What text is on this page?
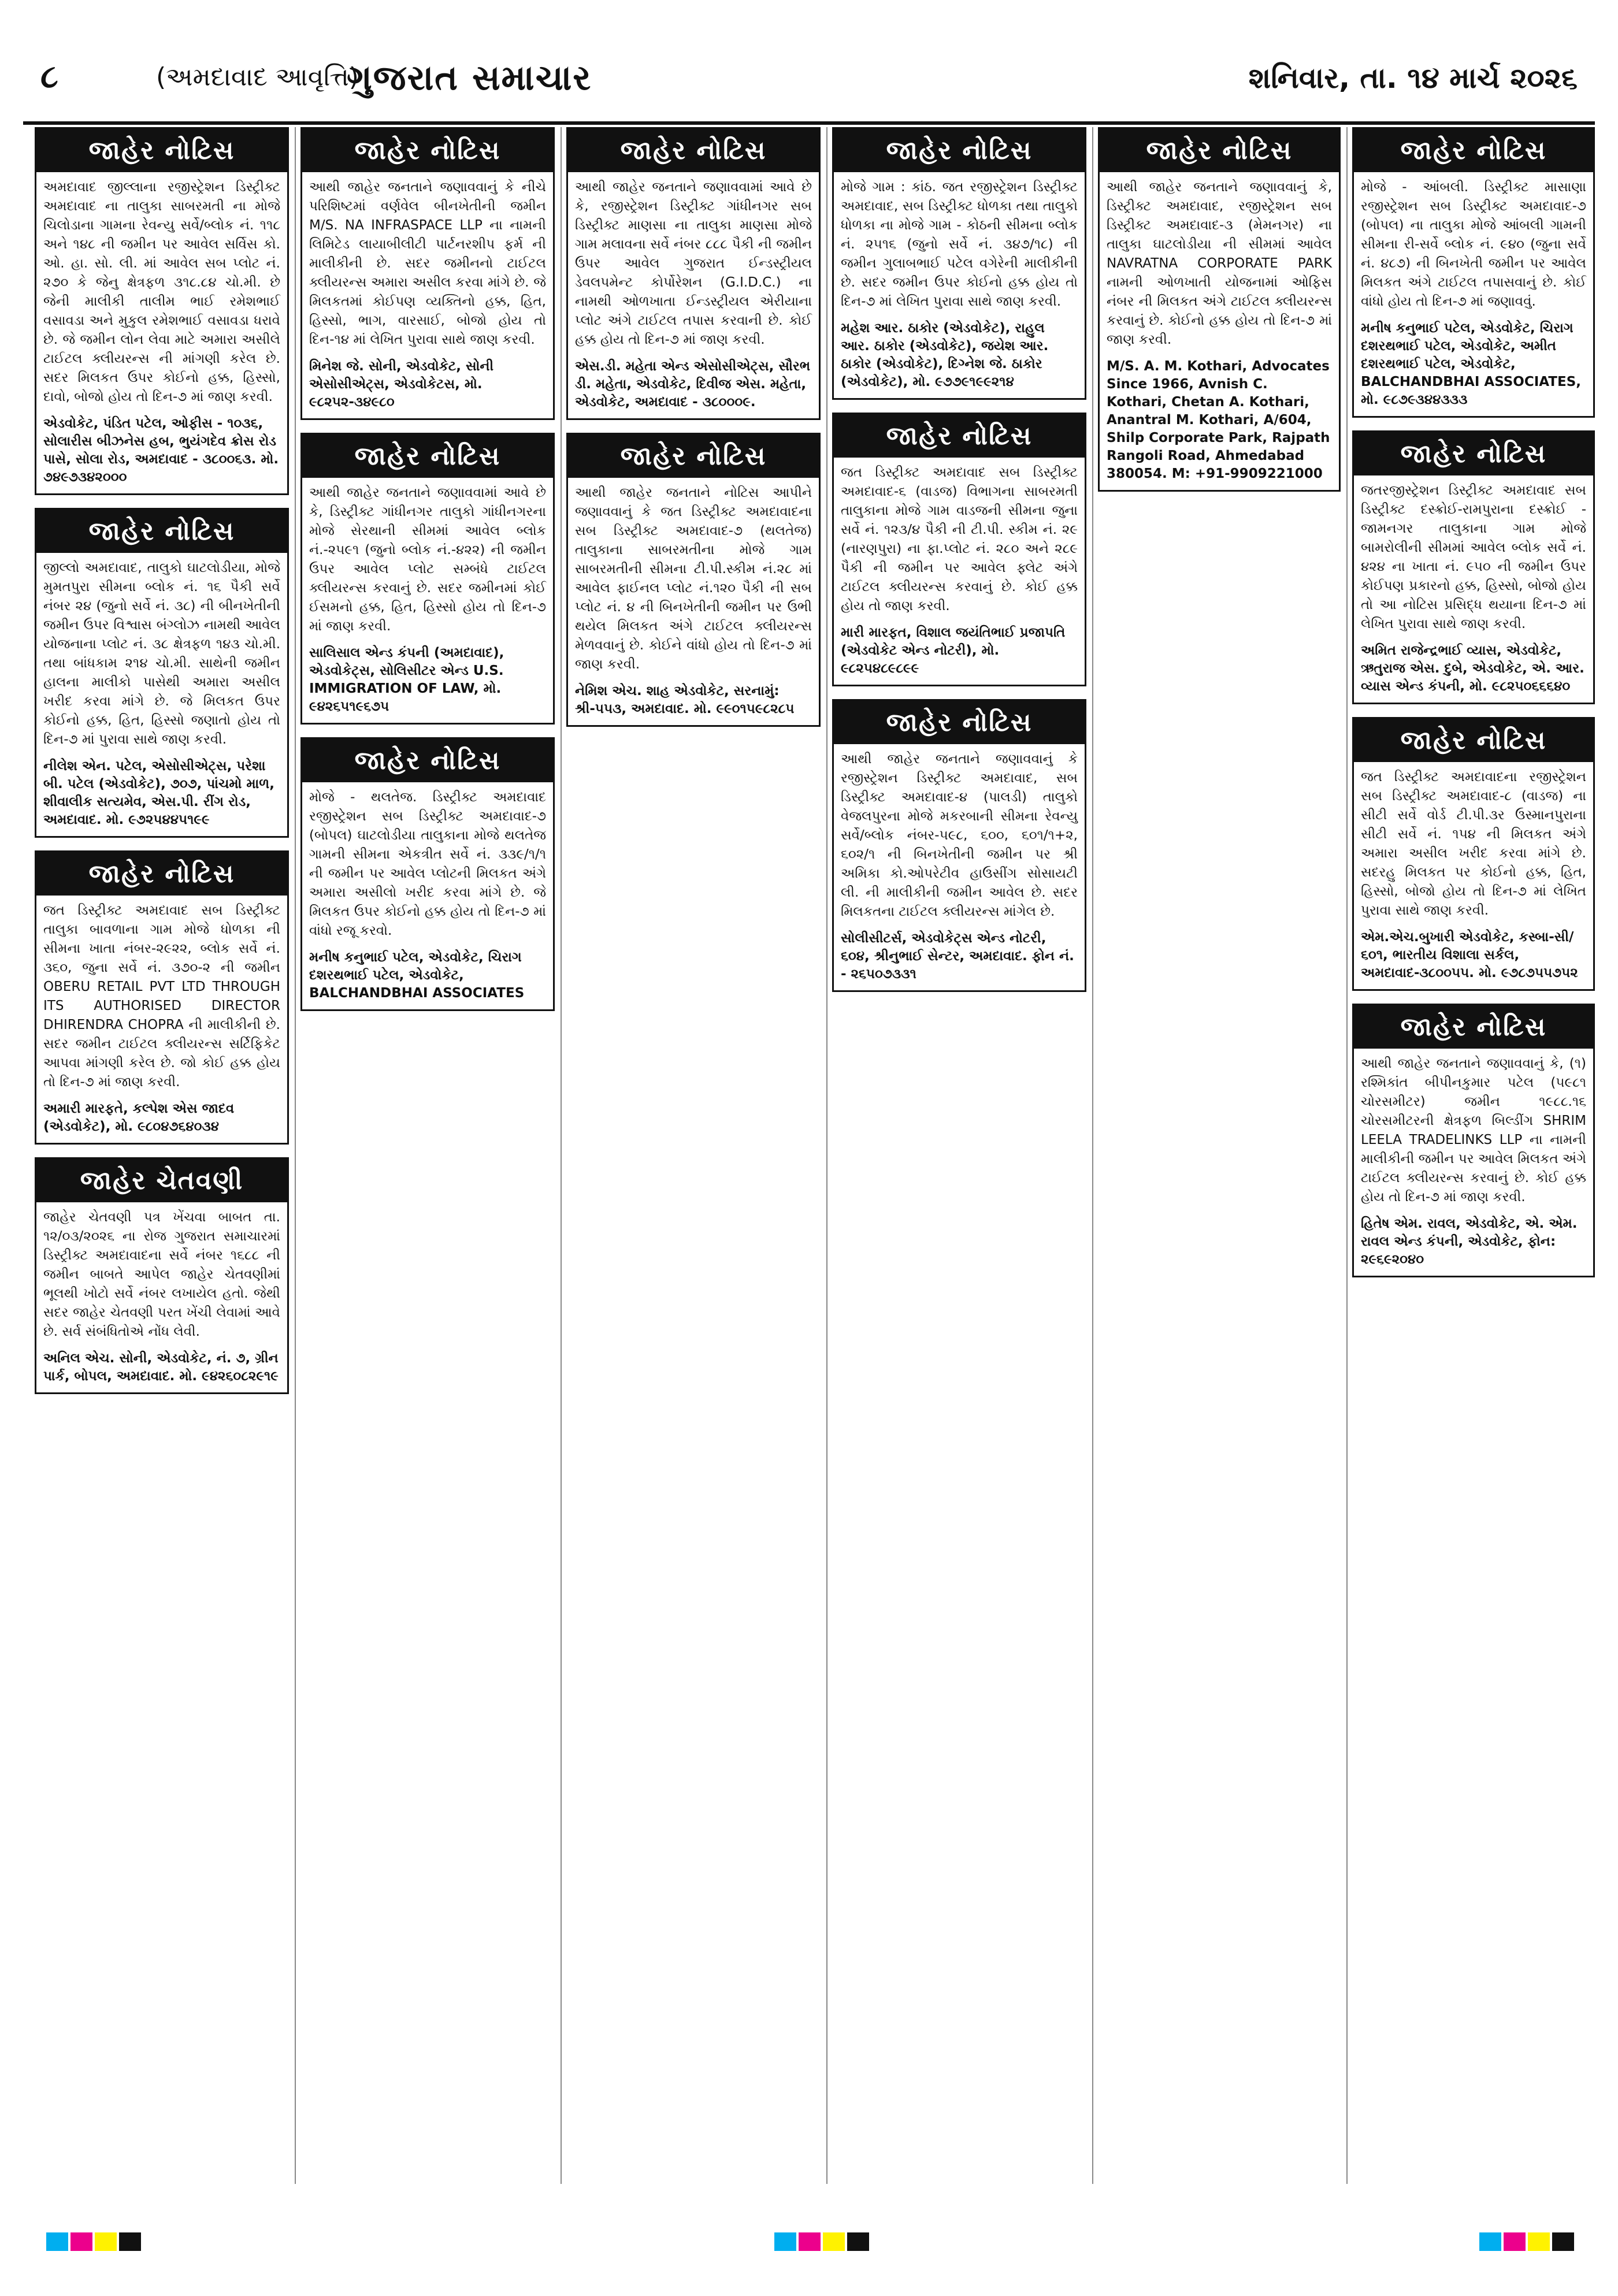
૮	(અમદાવાદ આવૃત્તિ)
ગુજરાત સમાચાર	શનિવાર, તા. ૧૪ માર્ચ ૨૦૨૬
જાહેર નોટિસ
અમદાવાદ જીલ્લાના રજીસ્ટ્રેશન ડિસ્ટ્રીક્ટ અમદાવાદ ના તાલુકા સાબરમતી ના મોજે ચિલોડાના ગામના રેવન્યુ સર્વે/બ્લોક નં. ૧૧૮ અને ૧૪૮ ની જમીન પર આવેલ સર્વિસ કો. ઓ. હા. સો. લી. માં આવેલ સબ પ્લોટ નં. ૨૭૦ કે જેનુ ક્ષેત્રફળ ૩૧૮.૮૪ ચો.મી. છે જેની માલીકી તાલીમ ભાઈ રમેશભાઈ વસાવડા અને મુકુલ રમેશભાઈ વસાવડા ધરાવે છે. જે જમીન લોન લેવા માટે અમારા અસીલે ટાઈટલ ક્લીયરન્સ ની માંગણી કરેલ છે. સદર મિલકત ઉપર કોઈનો હક્ક, હિસ્સો, દાવો, બોજો હોય તો દિન-૭ માં જાણ કરવી.
એડવોકેટ, પંડિત પટેલ, ઓફીસ - ૧૦૩૬, સોલારીસ બીઝનેસ હબ, ભુયંગદેવ ક્રોસ રોડ પાસે, સોલા રોડ, અમદાવાદ - ૩૮૦૦૬૩. મો. ૭૪૯૭૩૪૨૦૦૦
જાહેર નોટિસ
જીલ્લો અમદાવાદ, તાલુકો ઘાટલોડીયા, મોજે મુમતપુરા સીમના બ્લોક નં. ૧૬ પૈકી સર્વે નંબર ૨૪ (જુનો સર્વે નં. ૩૮) ની બીનખેતીની જમીન ઉપર વિશ્વાસ બંગ્લોઝ નામથી આવેલ યોજનાના પ્લોટ નં. ૩૮ ક્ષેત્રફળ ૧૪૩ ચો.મી. તથા બાંધકામ ૨૧૪ ચો.મી. સાથેની જમીન હાલના માલીકો પાસેથી અમારા અસીલ ખરીદ કરવા માંગે છે. જે મિલકત ઉપર કોઈનો હક્ક, હિત, હિસ્સો જણાતો હોય તો દિન-૭ માં પુરાવા સાથે જાણ કરવી.
નીલેશ એન. પટેલ, એસોસીએટ્સ, પરેશા બી. પટેલ (એડવોકેટ), ૭૦૭, પાંચમો માળ, શીવાલીક સત્યમેવ, એસ.પી. રીંગ રોડ, અમદાવાદ. મો. ૯૭૨૫૪૪૫૧૯૯
જાહેર નોટિસ
જત ડિસ્ટ્રીક્ટ અમદાવાદ સબ ડિસ્ટ્રીક્ટ તાલુકા બાવળાના ગામ મોજે ધોળકા ની સીમના ખાતા નંબર-૨૯૨૨, બ્લોક સર્વે નં. ૩૬૦, જુના સર્વે નં. ૩૭૦-૨ ની જમીન OBERU RETAIL PVT LTD THROUGH ITS AUTHORISED DIRECTOR DHIRENDRA CHOPRA ની માલીકીની છે. સદર જમીન ટાઈટલ ક્લીયરન્સ સર્ટિફિકેટ આપવા માંગણી કરેલ છે. જો કોઈ હક્ક હોય તો દિન-૭ માં જાણ કરવી.
અમારી મારફતે, કલ્પેશ એસ જાદવ (એડવોકેટ), મો. ૯૮૦૪૭૬૪૦૩૪
જાહેર ચેતવણી
જાહેર ચેતવણી પત્ર ખેંચવા બાબત તા. ૧૨/૦૩/૨૦૨૬ ના રોજ ગુજરાત સમાચારમાં ડિસ્ટ્રીક્ટ અમદાવાદના સર્વે નંબર ૧૬૮૮ ની જમીન બાબતે આપેલ જાહેર ચેતવણીમાં ભૂલથી ખોટો સર્વે નંબર લખાયેલ હતો. જેથી સદર જાહેર ચેતવણી પરત ખેંચી લેવામાં આવે છે. સર્વ સંબંધિતોએ નોંધ લેવી.
અનિલ એચ. સોની, એડવોકેટ, નં. ૭, ગ્રીન પાર્ક, બોપલ, અમદાવાદ. મો. ૯૪૨૬૦૮૨૯૧૯
જાહેર નોટિસ
આથી જાહેર જનતાને જણાવવાનું કે નીચે પરિશિષ્ટમાં વર્ણવેલ બીનખેતીની જમીન M/S. NA INFRASPACE LLP ના નામની લિમિટેડ લાયાબીલીટી પાર્ટનરશીપ ફર્મ ની માલીકીની છે. સદર જમીનનો ટાઈટલ ક્લીયરન્સ અમારા અસીલ કરવા માંગે છે. જે મિલકતમાં કોઈપણ વ્યક્તિનો હક્ક, હિત, હિસ્સો, ભાગ, વારસાઈ, બોજો હોય તો દિન-૧૪ માં લેખિત પુરાવા સાથે જાણ કરવી.
મિનેશ જે. સોની, એડવોકેટ, સોની એસોસીએટ્સ, એડવોકેટસ, મો. ૯૮૨૫૨-૩૪૯૮૦
જાહેર નોટિસ
આથી જાહેર જનતાને જણાવવામાં આવે છે કે, ડિસ્ટ્રીક્ટ ગાંધીનગર તાલુકો ગાંધીનગરના મોજે સેરથાની સીમમાં આવેલ બ્લોક નં.-૨૫૯૧ (જુનો બ્લોક નં.-૪૨૨) ની જમીન ઉપર આવેલ પ્લોટ સમ્બંધે ટાઈટલ ક્લીયરન્સ કરવાનું છે. સદર જમીનમાં કોઈ ઈસમનો હક્ક, હિત, હિસ્સો હોય તો દિન-૭ માં જાણ કરવી.
સાલિસાલ એન્ડ કંપની (અમદાવાદ), એડવોકેટ્સ, સોલિસીટર એન્ડ U.S. IMMIGRATION OF LAW, મો. ૯૪૨૬૫૧૯૬૭૫
જાહેર નોટિસ
મોજે - થલતેજ. ડિસ્ટ્રીક્ટ અમદાવાદ રજીસ્ટ્રેશન સબ ડિસ્ટ્રીક્ટ અમદાવાદ-૭ (બોપલ) ઘાટલોડીયા તાલુકાના મોજે થલતેજ ગામની સીમના એકત્રીત સર્વે નં. ૩૩૯/૧/૧ ની જમીન પર આવેલ પ્લોટની મિલકત અંગે અમારા અસીલો ખરીદ કરવા માંગે છે. જે મિલકત ઉપર કોઈનો હક્ક હોય તો દિન-૭ માં વાંધો રજૂ કરવો.
મનીષ કનુભાઈ પટેલ, એડવોકેટ, ચિરાગ દશરથભાઈ પટેલ, એડવોકેટ, BALCHANDBHAI ASSOCIATES
જાહેર નોટિસ
આથી જાહેર જનતાને જણાવવામાં આવે છે કે, રજીસ્ટ્રેશન ડિસ્ટ્રીક્ટ ગાંધીનગર સબ ડિસ્ટ્રીક્ટ માણસા ના તાલુકા માણસા મોજે ગામ મલાવના સર્વે નંબર ૮૮૮ પૈકી ની જમીન ઉપર આવેલ ગુજરાત ઈન્ડસ્ટ્રીયલ ડેવલપમેન્ટ કોર્પોરેશન (G.I.D.C.) ના નામથી ઓળખાતા ઈન્ડસ્ટ્રીયલ એરીયાના પ્લોટ અંગે ટાઈટલ તપાસ કરવાની છે. કોઈ હક્ક હોય તો દિન-૭ માં જાણ કરવી.
એસ.ડી. મહેતા એન્ડ એસોસીએટ્સ, સૌરભ ડી. મહેતા, એડવોકેટ, દિવીજ એસ. મહેતા, એડવોકેટ, અમદાવાદ - ૩૮૦૦૦૯.
જાહેર નોટિસ
આથી જાહેર જનતાને નોટિસ આપીને જણાવવાનું કે જત ડિસ્ટ્રીક્ટ અમદાવાદના સબ ડિસ્ટ્રીક્ટ અમદાવાદ-૭ (થલતેજ) તાલુકાના સાબરમતીના મોજે ગામ સાબરમતીની સીમના ટી.પી.સ્કીમ નં.૨૮ માં આવેલ ફાઈનલ પ્લોટ નં.૧૨૦ પૈકી ની સબ પ્લોટ નં. ૪ ની બિનખેતીની જમીન પર ઉભી થયેલ મિલકત અંગે ટાઈટલ ક્લીયરન્સ મેળવવાનું છે. કોઈને વાંધો હોય તો દિન-૭ માં જાણ કરવી.
નેમિશ એચ. શાહ એડવોકેટ, સરનામું: શ્રી-૫૫૩, અમદાવાદ. મો. ૯૯૦૧૫૯૮૨૮૫
જાહેર નોટિસ
મોજે ગામ : કાંઠ. જત રજીસ્ટ્રેશન ડિસ્ટ્રીક્ટ અમદાવાદ, સબ ડિસ્ટ્રીક્ટ ધોળકા તથા તાલુકો ધોળકા ના મોજે ગામ - કોઠની સીમના બ્લોક નં. ૨૫૧૬ (જુનો સર્વે નં. ૩૪૭/૧૮) ની જમીન ગુલાબભાઈ પટેલ વગેરેની માલીકીની છે. સદર જમીન ઉપર કોઈનો હક્ક હોય તો દિન-૭ માં લેખિત પુરાવા સાથે જાણ કરવી.
મહેશ આર. ઠાકોર (એડવોકેટ), રાહુલ આર. ઠાકોર (એડવોકેટ), જયેશ આર. ઠાકોર (એડવોકેટ), દિગ્નેશ જે. ઠાકોર (એડવોકેટ), મો. ૯૭૭૯૧૯૯૨૧૪
જાહેર નોટિસ
જત ડિસ્ટ્રીક્ટ અમદાવાદ સબ ડિસ્ટ્રીક્ટ અમદાવાદ-૬ (વાડજ) વિભાગના સાબરમતી તાલુકાના મોજે ગામ વાડજની સીમના જુના સર્વે નં. ૧૨૩/૪ પૈકી ની ટી.પી. સ્કીમ નં. ૨૯ (નારણપુરા) ના ફા.પ્લોટ નં. ૨૮૦ અને ૨૮૯ પૈકી ની જમીન પર આવેલ ફ્લેટ અંગે ટાઈટલ ક્લીયરન્સ કરવાનું છે. કોઈ હક્ક હોય તો જાણ કરવી.
મારી મારફત, વિશાલ જયંતિભાઈ પ્રજાપતિ (એડવોકેટ એન્ડ નોટરી), મો. ૯૮૨૫૪૮૯૮૯૯
જાહેર નોટિસ
આથી જાહેર જનતાને જણાવવાનું કે રજીસ્ટ્રેશન ડિસ્ટ્રીક્ટ અમદાવાદ, સબ ડિસ્ટ્રીક્ટ અમદાવાદ-૪ (પાલડી) તાલુકો વેજલપુરના મોજે મકરબાની સીમના રેવન્યુ સર્વે/બ્લોક નંબર-૫૯૮, ૬૦૦, ૬૦૧/૧+૨, ૬૦૨/૧ ની બિનખેતીની જમીન પર શ્રી અમિકા કો.ઓપરેટીવ હાઉસીંગ સોસાયટી લી. ની માલીકીની જમીન આવેલ છે. સદર મિલકતના ટાઈટલ ક્લીયરન્સ માંગેલ છે.
સોલીસીટર્સ, એડવોકેટ્સ એન્ડ નોટરી, ૬૦૪, શ્રીનુભાઈ સેન્ટર, અમદાવાદ. ફોન નં. - ૨૬૫૦૭૩૩૧
જાહેર નોટિસ
આથી જાહેર જનતાને જણાવવાનું કે, ડિસ્ટ્રીક્ટ અમદાવાદ, રજીસ્ટ્રેશન સબ ડિસ્ટ્રીક્ટ અમદાવાદ-૩ (મેમનગર) ના તાલુકા ઘાટલોડીયા ની સીમમાં આવેલ NAVRATNA CORPORATE PARK નામની ઓળખાતી યોજનામાં ઓફિસ નંબર ની મિલકત અંગે ટાઈટલ ક્લીયરન્સ કરવાનું છે. કોઈનો હક્ક હોય તો દિન-૭ માં જાણ કરવી.
M/S. A. M. Kothari, Advocates Since 1966, Avnish C. Kothari, Chetan A. Kothari, Anantral M. Kothari, A/604, Shilp Corporate Park, Rajpath Rangoli Road, Ahmedabad 380054. M: +91-9909221000
જાહેર નોટિસ
મોજે - આંબલી. ડિસ્ટ્રીક્ટ માસાણા રજીસ્ટ્રેશન સબ ડિસ્ટ્રીક્ટ અમદાવાદ-૭ (બોપલ) ના તાલુકા મોજે આંબલી ગામની સીમના રી-સર્વે બ્લોક નં. ૯૪૦ (જુના સર્વે નં. ૪૮૭) ની બિનખેતી જમીન પર આવેલ મિલકત અંગે ટાઈટલ તપાસવાનું છે. કોઈ વાંધો હોય તો દિન-૭ માં જણાવવું.
મનીષ કનુભાઈ પટેલ, એડવોકેટ, ચિરાગ દશરથભાઈ પટેલ, એડવોકેટ, અમીત દશરથભાઈ પટેલ, એડવોકેટ, BALCHANDBHAI ASSOCIATES, મો. ૯૮૭૯૩૪૪૩૩૩
જાહેર નોટિસ
જતરજીસ્ટ્રેશન ડિસ્ટ્રીક્ટ અમદાવાદ સબ ડિસ્ટ્રીક્ટ દસ્ક્રોઈ-રામપુરાના દસ્ક્રોઈ - જામનગર તાલુકાના ગામ મોજે બામરોલીની સીમમાં આવેલ બ્લોક સર્વે નં. ૪૨૪ ના ખાતા નં. ૯૫૦ ની જમીન ઉપર કોઈપણ પ્રકારનો હક્ક, હિસ્સો, બોજો હોય તો આ નોટિસ પ્રસિદ્ધ થયાના દિન-૭ માં લેખિત પુરાવા સાથે જાણ કરવી.
અમિત રાજેન્દ્રભાઈ વ્યાસ, એડવોકેટ, ઋતુરાજ એસ. દુબે, એડવોકેટ, એ. આર. વ્યાસ એન્ડ કંપની, મો. ૯૮૨૫૦૬૬૬૪૦
જાહેર નોટિસ
જત ડિસ્ટ્રીક્ટ અમદાવાદના રજીસ્ટ્રેશન સબ ડિસ્ટ્રીક્ટ અમદાવાદ-૮ (વાડજ) ના સીટી સર્વે વોર્ડ ટી.પી.૩ર ઉસ્માનપુરાના સીટી સર્વે નં. ૧૫૪ ની મિલકત અંગે અમારા અસીલ ખરીદ કરવા માંગે છે. સદરહુ મિલકત પર કોઈનો હક્ક, હિત, હિસ્સો, બોજો હોય તો દિન-૭ માં લેખિત પુરાવા સાથે જાણ કરવી.
એમ.એચ.બુખારી એડવોકેટ, કસ્બા-સી/૬૦૧, ભારતીય વિશાલા સર્કલ, અમદાવાદ-૩૮૦૦૫૫. મો. ૯૭૮૭૫૫૭૫૨
જાહેર નોટિસ
આથી જાહેર જનતાને જણાવવાનું કે, (૧) રશ્મિકાંત બીપીનકુમાર પટેલ (૫૯૮૧ ચોરસમીટર) જમીન ૧૯૮૮.૧૬ ચોરસમીટરની ક્ષેત્રફળ બિલ્ડીંગ SHRIM LEELA TRADELINKS LLP ના નામની માલીકીની જમીન પર આવેલ મિલકત અંગે ટાઈટલ ક્લીયરન્સ કરવાનું છે. કોઈ હક્ક હોય તો દિન-૭ માં જાણ કરવી.
હિતેષ એમ. રાવલ, એડવોકેટ, એ. એમ. રાવલ એન્ડ કંપની, એડવોકેટ, ફોન: ૨૯૬૯૨૦૪૦
